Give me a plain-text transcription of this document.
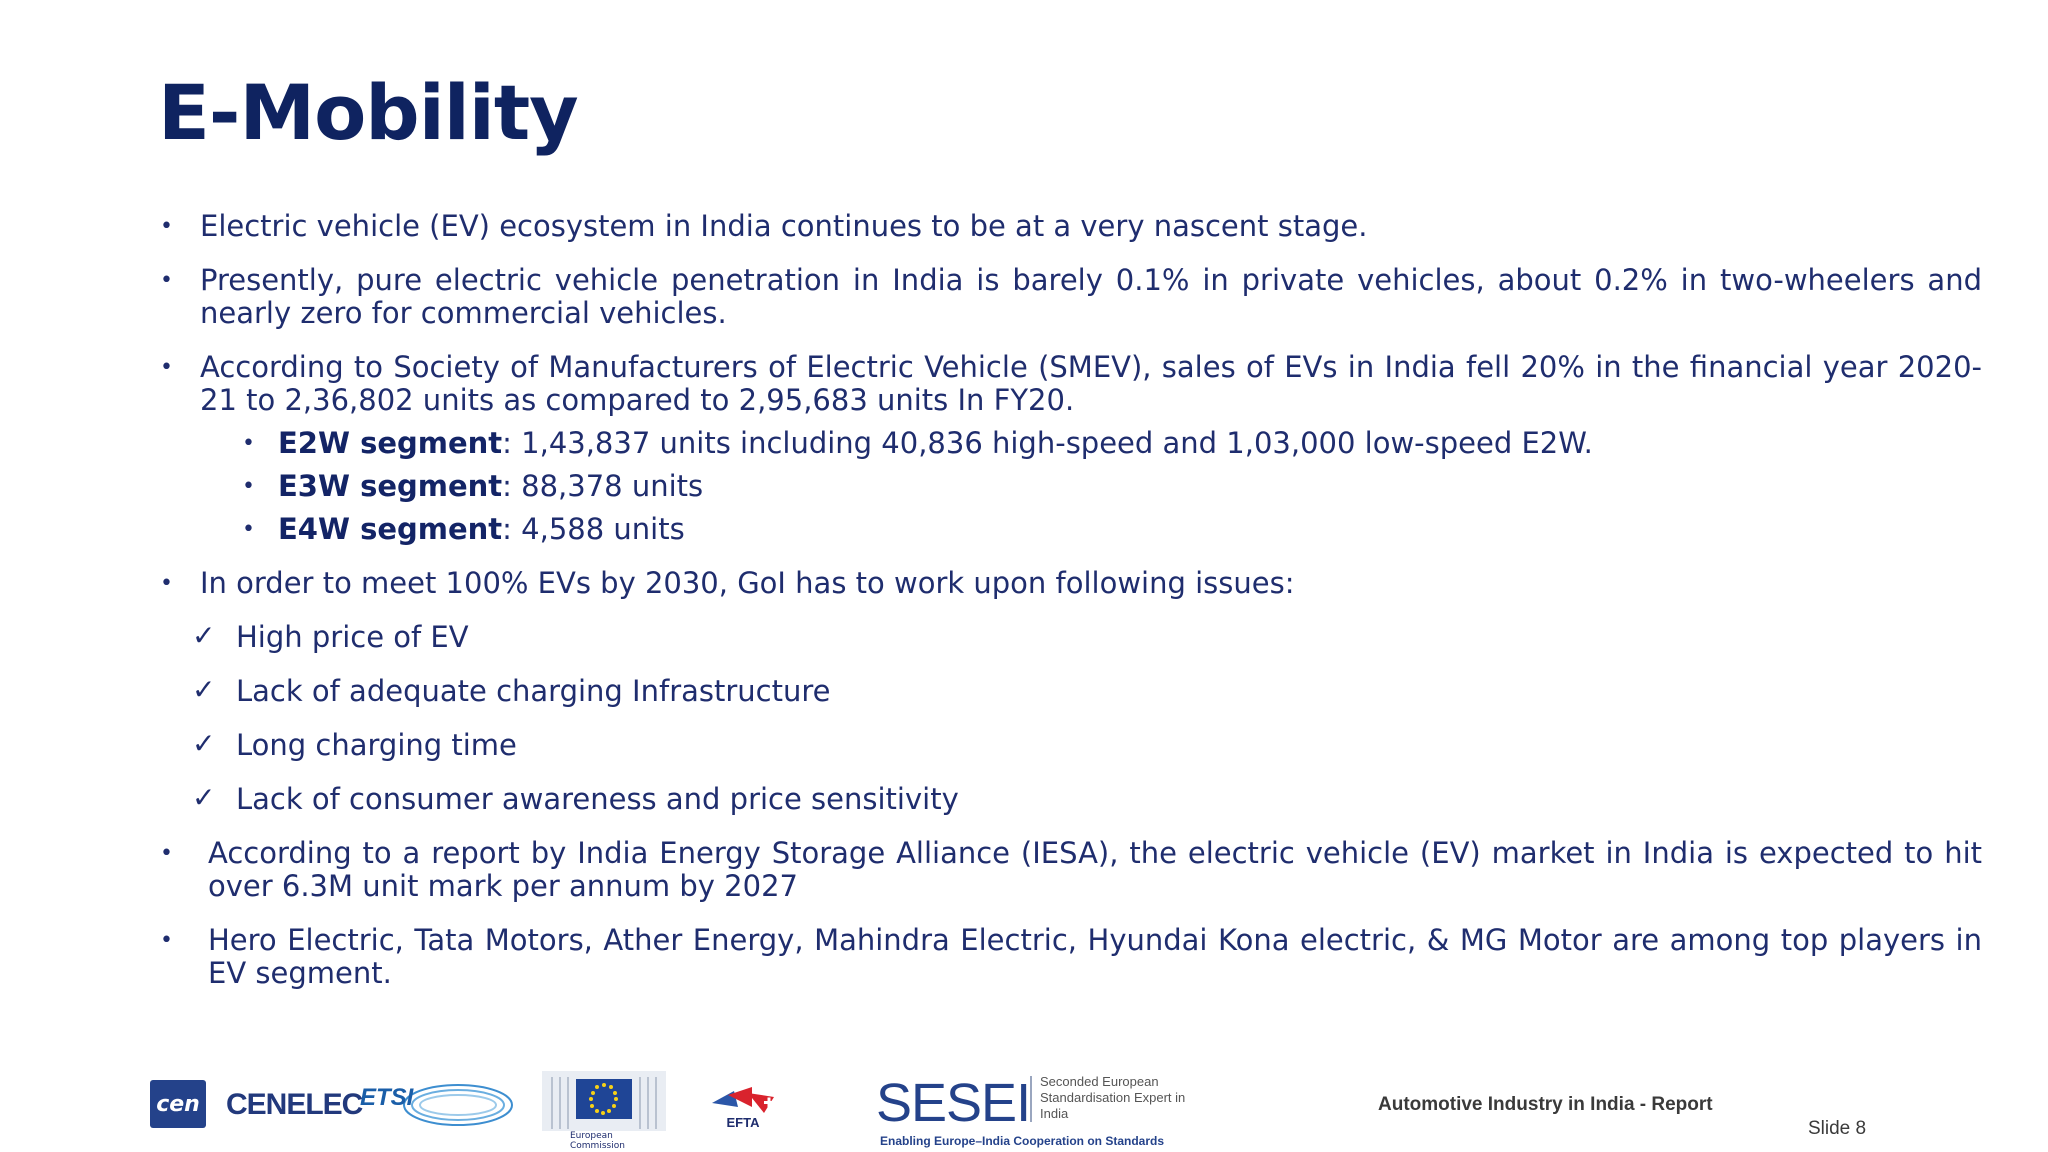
E-Mobility
• Electric vehicle (EV) ecosystem in India continues to be at a very nascent stage.
• Presently, pure electric vehicle penetration in India is barely 0.1% in private vehicles, about 0.2% in two-wheelers and nearly zero for commercial vehicles.
• According to Society of Manufacturers of Electric Vehicle (SMEV), sales of EVs in India fell 20% in the financial year 2020-21 to 2,36,802 units as compared to 2,95,683 units In FY20.
• E2W segment: 1,43,837 units including 40,836 high-speed and 1,03,000 low-speed E2W.
• E3W segment: 88,378 units
• E4W segment: 4,588 units
• In order to meet 100% EVs by 2030, GoI has to work upon following issues:
✓ High price of EV
✓ Lack of adequate charging Infrastructure
✓ Long charging time
✓ Lack of consumer awareness and price sensitivity
• According to a report by India Energy Storage Alliance (IESA), the electric vehicle (EV) market in India is expected to hit over 6.3M unit mark per annum by 2027
• Hero Electric, Tata Motors, Ather Energy, Mahindra Electric, Hyundai Kona electric, & MG Motor are among top players in EV segment.
cen CENELEC
ETSI
European Commission
EFTA SESEI Seconded European Standardisation Expert in India
Enabling Europe–India Cooperation on Standards
Automotive Industry in India - Report
Slide 8
